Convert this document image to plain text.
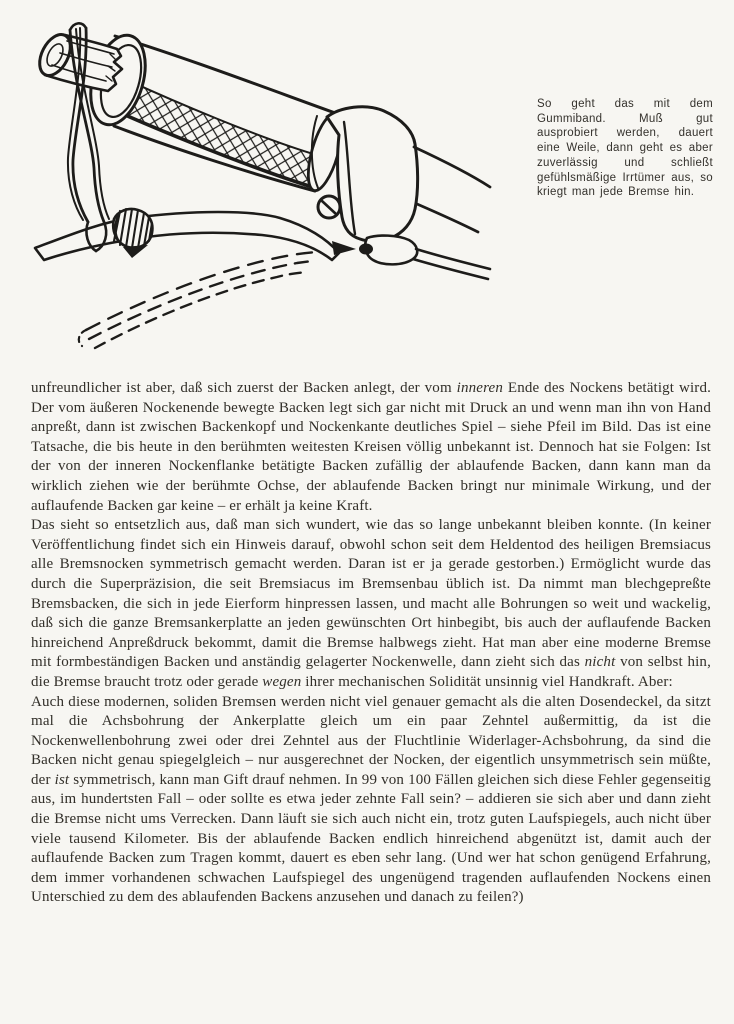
So geht das mit dem Gummiband. Muß gut ausprobiert werden, dauert eine Weile, dann geht es aber zuverlässig und schließt gefühlsmäßige Irrtümer aus, so kriegt man jede Bremse hin.

unfreundlicher ist aber, daß sich zuerst der Backen anlegt, der vom inneren Ende des Nockens betätigt wird. Der vom äußeren Nockenende bewegte Backen legt sich gar nicht mit Druck an und wenn man ihn von Hand anpreßt, dann ist zwischen Backenkopf und Nockenkante deutliches Spiel – siehe Pfeil im Bild. Das ist eine Tatsache, die bis heute in den berühmten weitesten Kreisen völlig unbekannt ist. Dennoch hat sie Folgen: Ist der von der inneren Nockenflanke betätigte Backen zufällig der ablaufende Backen, dann kann man da wirklich ziehen wie der berühmte Ochse, der ablaufende Backen bringt nur minimale Wirkung, und der auflaufende Backen gar keine – er erhält ja keine Kraft.

Das sieht so entsetzlich aus, daß man sich wundert, wie das so lange unbekannt bleiben konnte. (In keiner Veröffentlichung findet sich ein Hinweis darauf, obwohl schon seit dem Heldentod des heiligen Bremsiacus alle Bremsnocken symmetrisch gemacht werden. Daran ist er ja gerade gestorben.) Ermöglicht wurde das durch die Superpräzision, die seit Bremsiacus im Bremsenbau üblich ist. Da nimmt man blechgepreßte Bremsbacken, die sich in jede Eierform hinpressen lassen, und macht alle Bohrungen so weit und wackelig, daß sich die ganze Bremsankerplatte an jeden gewünschten Ort hinbegibt, bis auch der auflaufende Backen hinreichend Anpreßdruck bekommt, damit die Bremse halbwegs zieht. Hat man aber eine moderne Bremse mit formbeständigen Backen und anständig gelagerter Nockenwelle, dann zieht sich das nicht von selbst hin, die Bremse braucht trotz oder gerade wegen ihrer mechanischen Solidität unsinnig viel Handkraft. Aber:

Auch diese modernen, soliden Bremsen werden nicht viel genauer gemacht als die alten Dosendeckel, da sitzt mal die Achsbohrung der Ankerplatte gleich um ein paar Zehntel außermittig, da ist die Nockenwellenbohrung zwei oder drei Zehntel aus der Fluchtlinie Widerlager-Achsbohrung, da sind die Backen nicht genau spiegelgleich – nur ausgerechnet der Nocken, der eigentlich unsymmetrisch sein müßte, der ist symmetrisch, kann man Gift drauf nehmen. In 99 von 100 Fällen gleichen sich diese Fehler gegenseitig aus, im hundertsten Fall – oder sollte es etwa jeder zehnte Fall sein? – addieren sie sich aber und dann zieht die Bremse nicht ums Verrecken. Dann läuft sie sich auch nicht ein, trotz guten Laufspiegels, auch nicht über viele tausend Kilometer. Bis der ablaufende Backen endlich hinreichend abgenützt ist, damit auch der auflaufende Backen zum Tragen kommt, dauert es eben sehr lang. (Und wer hat schon genügend Erfahrung, dem immer vorhandenen schwachen Laufspiegel des ungenügend tragenden auflaufenden Nockens einen Unterschied zu dem des ablaufenden Backens anzusehen und danach zu feilen?)
